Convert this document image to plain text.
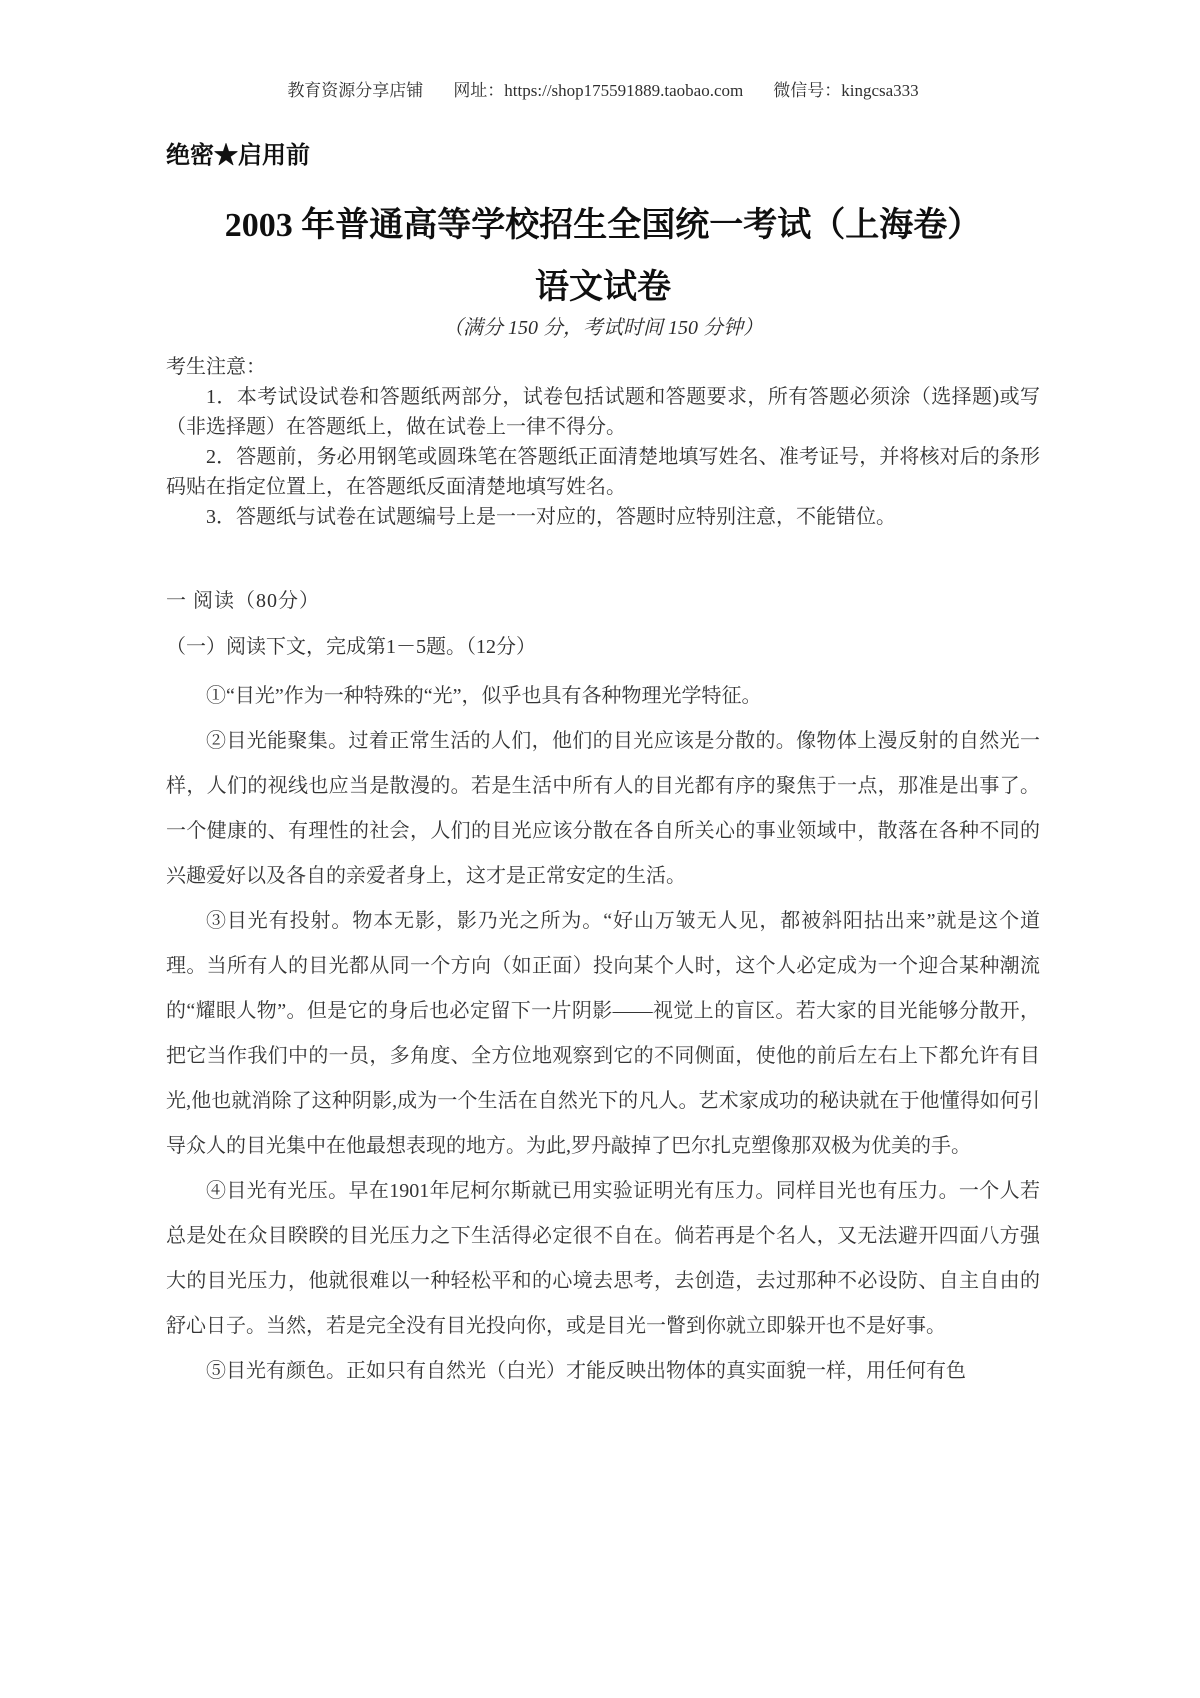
教育资源分享店铺 网址：https://shop175591889.taobao.com 微信号：kingcsa333
绝密★启用前
2003 年普通高等学校招生全国统一考试（上海卷）
语文试卷
（满分 150 分，考试时间 150 分钟）
考生注意：

1．本考试设试卷和答题纸两部分，试卷包括试题和答题要求，所有答题必须涂（选择题)或写（非选择题）在答题纸上，做在试卷上一律不得分。

2．答题前，务必用钢笔或圆珠笔在答题纸正面清楚地填写姓名、准考证号，并将核对后的条形码贴在指定位置上，在答题纸反面清楚地填写姓名。

3．答题纸与试卷在试题编号上是一一对应的，答题时应特别注意，不能错位。

一 阅读（80分）
（一）阅读下文，完成第1－5题。（12分）

①“目光”作为一种特殊的“光”，似乎也具有各种物理光学特征。

②目光能聚集。过着正常生活的人们，他们的目光应该是分散的。像物体上漫反射的自然光一样，人们的视线也应当是散漫的。若是生活中所有人的目光都有序的聚焦于一点，那准是出事了。一个健康的、有理性的社会，人们的目光应该分散在各自所关心的事业领域中，散落在各种不同的兴趣爱好以及各自的亲爱者身上，这才是正常安定的生活。

③目光有投射。物本无影，影乃光之所为。“好山万皱无人见，都被斜阳拈出来”就是这个道理。当所有人的目光都从同一个方向（如正面）投向某个人时，这个人必定成为一个迎合某种潮流的“耀眼人物”。但是它的身后也必定留下一片阴影――视觉上的盲区。若大家的目光能够分散开，把它当作我们中的一员，多角度、全方位地观察到它的不同侧面，使他的前后左右上下都允许有目光,他也就消除了这种阴影,成为一个生活在自然光下的凡人。艺术家成功的秘诀就在于他懂得如何引导众人的目光集中在他最想表现的地方。为此,罗丹敲掉了巴尔扎克塑像那双极为优美的手。

④目光有光压。早在1901年尼柯尔斯就已用实验证明光有压力。同样目光也有压力。一个人若总是处在众目睽睽的目光压力之下生活得必定很不自在。倘若再是个名人，又无法避开四面八方强大的目光压力，他就很难以一种轻松平和的心境去思考，去创造，去过那种不必设防、自主自由的舒心日子。当然，若是完全没有目光投向你，或是目光一瞥到你就立即躲开也不是好事。

⑤目光有颜色。正如只有自然光（白光）才能反映出物体的真实面貌一样，用任何有色
